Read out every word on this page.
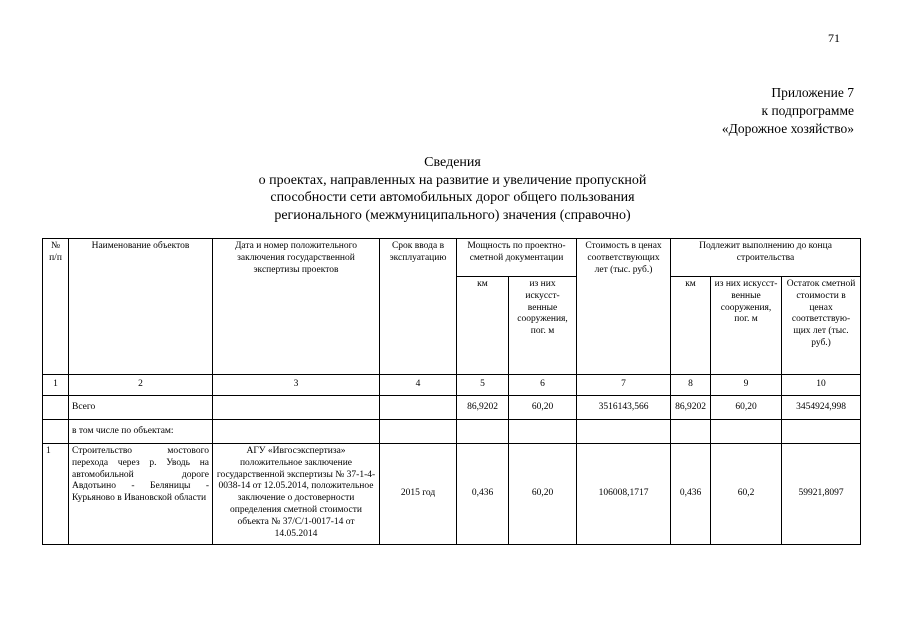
71
Приложение 7
к подпрограмме
«Дорожное хозяйство»
Сведения
о проектах, направленных на развитие и увеличение пропускной
способности сети автомобильных дорог общего пользования
регионального (межмуниципального) значения (справочно)
№ п/п	Наименование объектов	Дата и номер положительного заключения государственной экспертизы проектов	Срок ввода в эксплуатацию	Мощность по проектно-сметной документации		Стоимость в ценах соответствующих лет (тыс. руб.)	Подлежит выполнению до конца строительства		
				км	из них искусст-венные сооружения, пог. м		км	из них искусст-венные сооружения, пог. м	Остаток сметной стоимости в ценах соответствую-щих лет (тыс. руб.)
1	2	3	4	5	6	7	8	9	10
	Всего			86,9202	60,20	3516143,566	86,9202	60,20	3454924,998
	в том числе по объектам:								
1	Строительство мостового перехода через р. Уводь на автомобильной дороге Авдотьино - Беляницы - Курьяново в Ивановской области	АГУ «Ивгосэкспертиза» положительное заключение государственной экспертизы № 37-1-4-0038-14 от 12.05.2014, положительное заключение о достоверности определения сметной стоимости объекта № 37/С/1-0017-14 от 14.05.2014	2015 год	0,436	60,20	106008,1717	0,436	60,2	59921,8097
